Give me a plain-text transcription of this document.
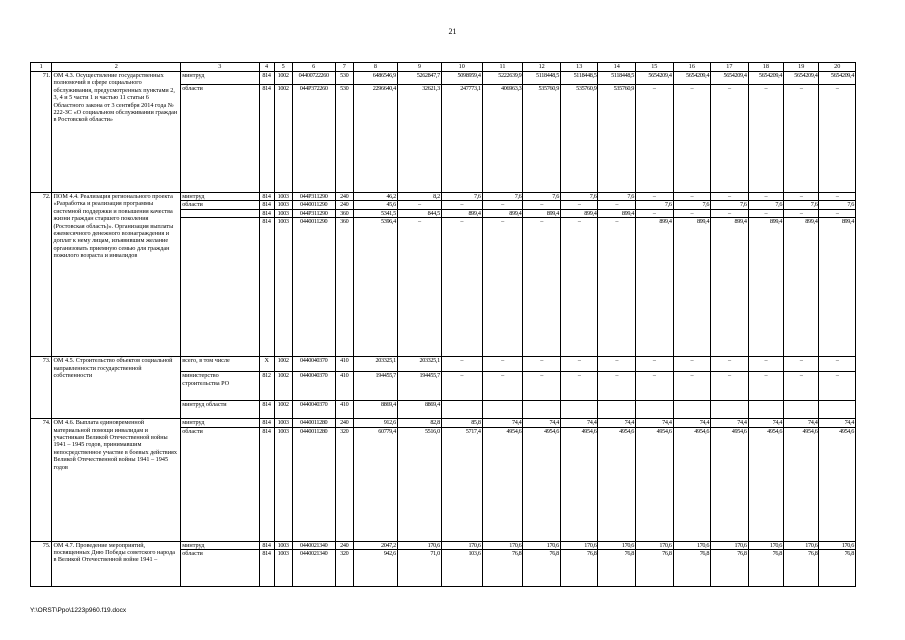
21
1	2	3	4	5	6	7	8	9	10	11	12	13	14	15	16	17	18	19	20
71.	ОМ 4.3. Осуществление государственных полномочий в сфере социального обслуживания, предусмотренных пунктами 2, 3, 4 и 5 части 1 и частью 11 статьи 6 Областного закона от 3 сентября 2014 года № 222-ЗС «О социальном обслуживании граждан в Ростовской области»	минтруд	814	1002	04400722260	530	6486546,9	5262847,7	5098959,4	5222639,9	5118448,5	5118448,5	5118448,5	5654209,4	5654209,4	5654209,4	5654209,4	5654209,4	5654209,4
		области	814	1002	044P372260	530	2296640,4	32621,3	247773,1	406963,3	535760,9	535760,9	535760,9	–	–	–	–	–	–
72.	ПОМ 4.4. Реализация регионального проекта «Разработка и реализация программы системной поддержки и повышения качества жизни граждан старшего поколения (Ростовская область)». Организация выплаты ежемесячного денежного вознаграждения и доплат к нему лицам, изъявившим желание организовать приемную семью для граждан пожилого возраста и инвалидов	минтруд	814	1003	044P311290	240	46,2	8,2	7,6	7,6	7,6	7,6	7,6	–	–	–	–	–	–
		области	814	1003	0440011290	240	45,6	–	–	–	–	–	–	7,6	7,6	7,6	7,6	7,6	7,6
			814	1003	044P311290	360	5341,5	844,5	899,4	899,4	899,4	899,4	899,4	–	–	–	–	–	–
			814	1003	0440011290	360	5396,4	–	–	–	–	–	–	899,4	899,4	899,4	899,4	899,4	899,4
73.	ОМ 4.5. Строительство объектов социальной направленности государственной собственности	всего, в том числе	X	1002	0440040370	410	203325,1	203325,1	–	–	–	–	–	–	–	–	–	–	–
		министерство строительства РО	812	1002	0440040370	410	194455,7	194455,7	–	–	–	–	–	–	–	–	–	–	–
		минтруд области	814	1002	0440040370	410	8869,4	8869,4											
74.	ОМ 4.6. Выплата единовременной материальной помощи инвалидам и участникам Великой Отечественной войны 1941 – 1945 годов, принимавшим непосредственное участие в боевых действиях Великой Отечественной войны 1941 – 1945 годов	минтруд	814	1003	0440011280	240	912,6	82,8	85,8	74,4	74,4	74,4	74,4	74,4	74,4	74,4	74,4	74,4	74,4
		области	814	1003	0440011280	320	60779,4	5516,0	5717,4	4954,6	4954,6	4954,6	4954,6	4954,6	4954,6	4954,6	4954,6	4954,6	4954,6
75.	ОМ 4.7. Проведение мероприятий, посвященных Дню Победы советского народа в Великой Отечественной войне 1941 –	минтруд	814	1003	0440021340	240	2047,2	170,6	170,6	170,6	170,6	170,6	170,6	170,6	170,6	170,6	170,6	170,6	170,6
		области	814	1003	0440021340	320	942,6	71,0	103,6	76,8	76,8	76,8	76,8	76,8	76,8	76,8	76,8	76,8	76,8
Y:\ORST\Ppo\1223p960.f19.docx
